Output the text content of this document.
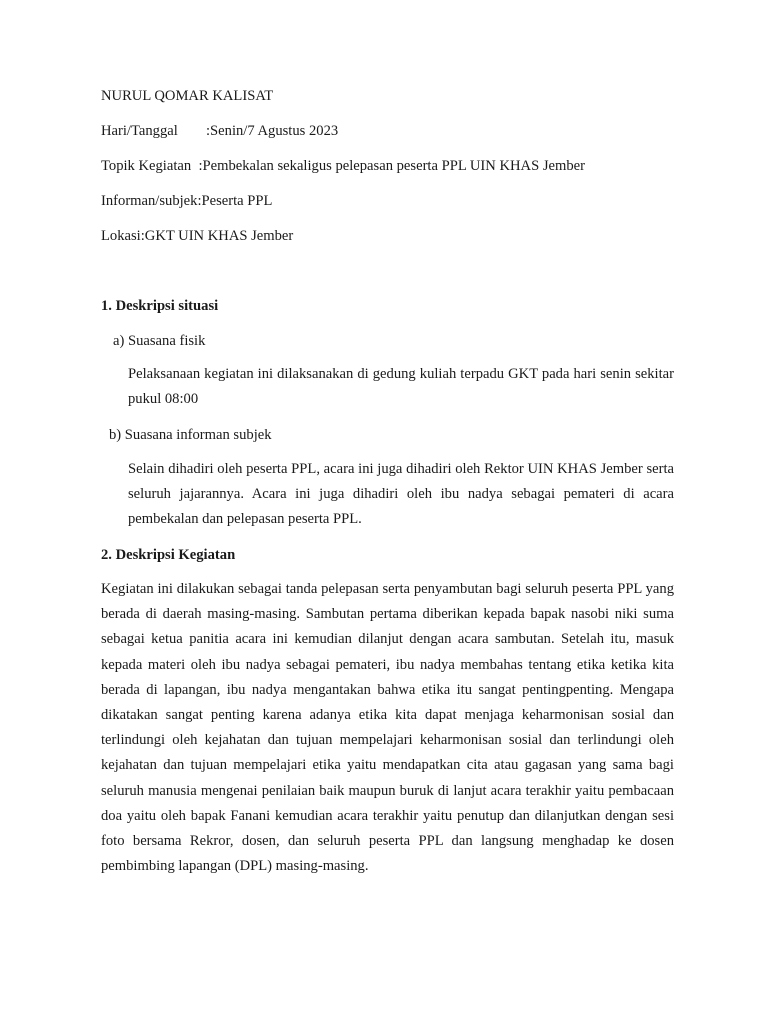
NURUL QOMAR KALISAT
Hari/Tanggal :Senin/7 Agustus 2023
Topik Kegiatan :Pembekalan sekaligus pelepasan peserta PPL UIN KHAS Jember
Informan/subjek:Peserta PPL
Lokasi:GKT UIN KHAS Jember
1. Deskripsi situasi
a) Suasana fisik

Pelaksanaan kegiatan ini dilaksanakan di gedung kuliah terpadu GKT pada hari senin sekitar pukul 08:00

b) Suasana informan subjek

Selain dihadiri oleh peserta PPL, acara ini juga dihadiri oleh Rektor UIN KHAS Jember serta seluruh jajarannya. Acara ini juga dihadiri oleh ibu nadya sebagai pemateri di acara pembekalan dan pelepasan peserta PPL.

2. Deskripsi Kegiatan

Kegiatan ini dilakukan sebagai tanda pelepasan serta penyambutan bagi seluruh peserta PPL yang berada di daerah masing-masing. Sambutan pertama diberikan kepada bapak nasobi niki suma sebagai ketua panitia acara ini kemudian dilanjut dengan acara sambutan. Setelah itu, masuk kepada materi oleh ibu nadya sebagai pemateri, ibu nadya membahas tentang etika ketika kita berada di lapangan, ibu nadya mengantakan bahwa etika itu sangat pentingpenting. Mengapa dikatakan sangat penting karena adanya etika kita dapat menjaga keharmonisan sosial dan terlindungi oleh kejahatan dan tujuan mempelajari keharmonisan sosial dan terlindungi oleh kejahatan dan tujuan mempelajari etika yaitu mendapatkan cita atau gagasan yang sama bagi seluruh manusia mengenai penilaian baik maupun buruk di lanjut acara terakhir yaitu pembacaan doa yaitu oleh bapak Fanani kemudian acara terakhir yaitu penutup dan dilanjutkan dengan sesi foto bersama Rekror, dosen, dan seluruh peserta PPL dan langsung menghadap ke dosen pembimbing lapangan (DPL) masing-masing.
